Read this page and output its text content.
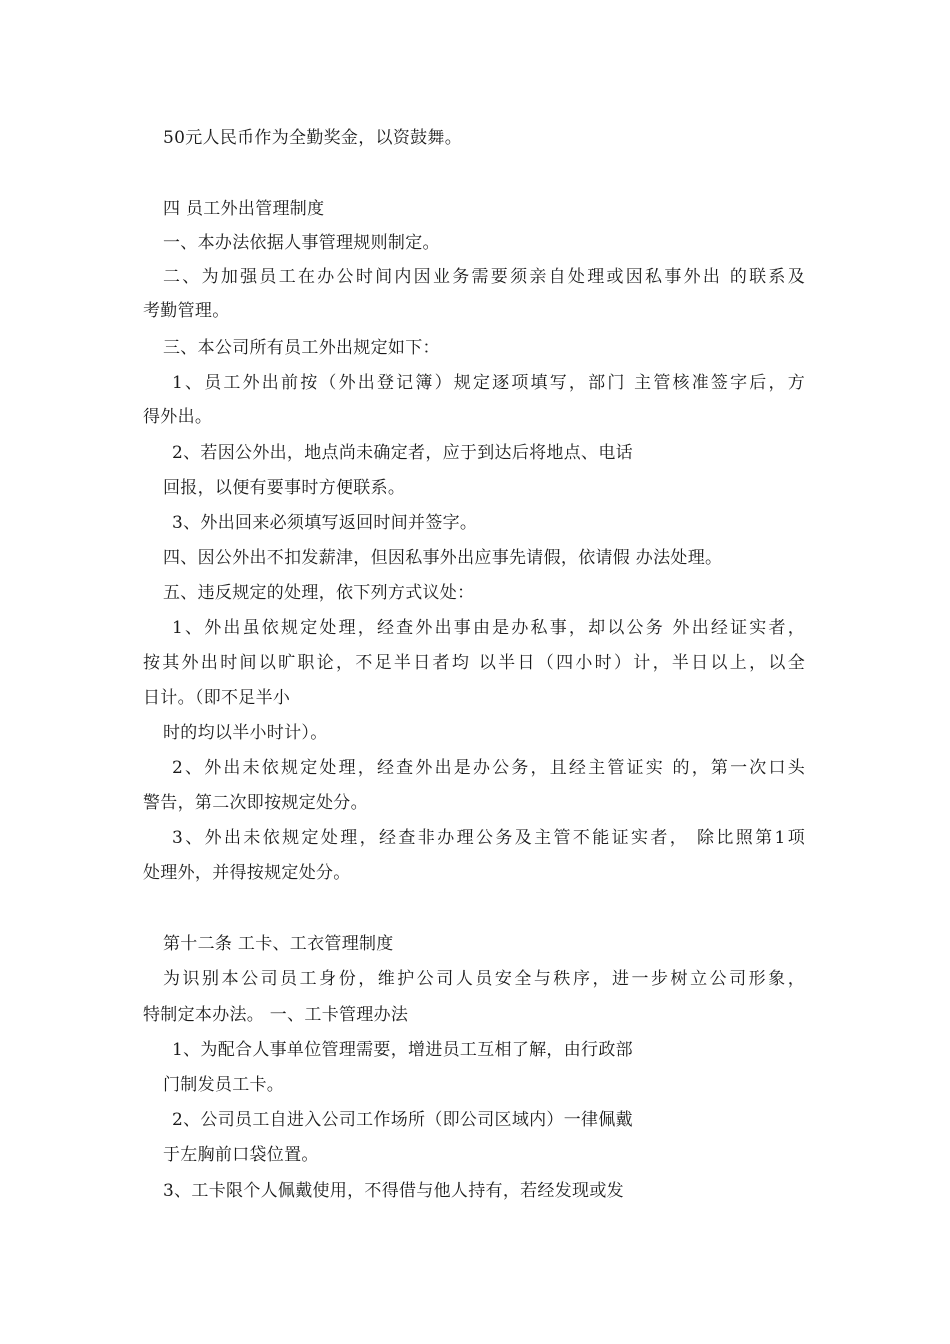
50元人民币作为全勤奖金，以资鼓舞。
四 员工外出管理制度
一、本办法依据人事管理规则制定。
二、为加强员工在办公时间内因业务需要须亲自处理或因私事外出 的联系及
考勤管理。
三、本公司所有员工外出规定如下：
1、员工外出前按（外出登记簿）规定逐项填写，部门 主管核准签字后，方
得外出。
2、若因公外出，地点尚未确定者，应于到达后将地点、电话
回报，以便有要事时方便联系。
3、外出回来必须填写返回时间并签字。
四、因公外出不扣发薪津，但因私事外出应事先请假，依请假 办法处理。
五、违反规定的处理，依下列方式议处：
1、外出虽依规定处理，经查外出事由是办私事，却以公务 外出经证实者，
按其外出时间以旷职论，不足半日者均 以半日（四小时）计，半日以上，以全
日计。（即不足半小
时的均以半小时计）。
2、外出未依规定处理，经查外出是办公务，且经主管证实 的，第一次口头
警告，第二次即按规定处分。
3、外出未依规定处理，经查非办理公务及主管不能证实者， 除比照第1项
处理外，并得按规定处分。
第十二条 工卡、工衣管理制度
为识别本公司员工身份，维护公司人员安全与秩序，进一步树立公司形象，
特制定本办法。 一、工卡管理办法
1、为配合人事单位管理需要，增进员工互相了解，由行政部
门制发员工卡。
2、公司员工自进入公司工作场所（即公司区域内）一律佩戴
于左胸前口袋位置。
3、工卡限个人佩戴使用，不得借与他人持有，若经发现或发
